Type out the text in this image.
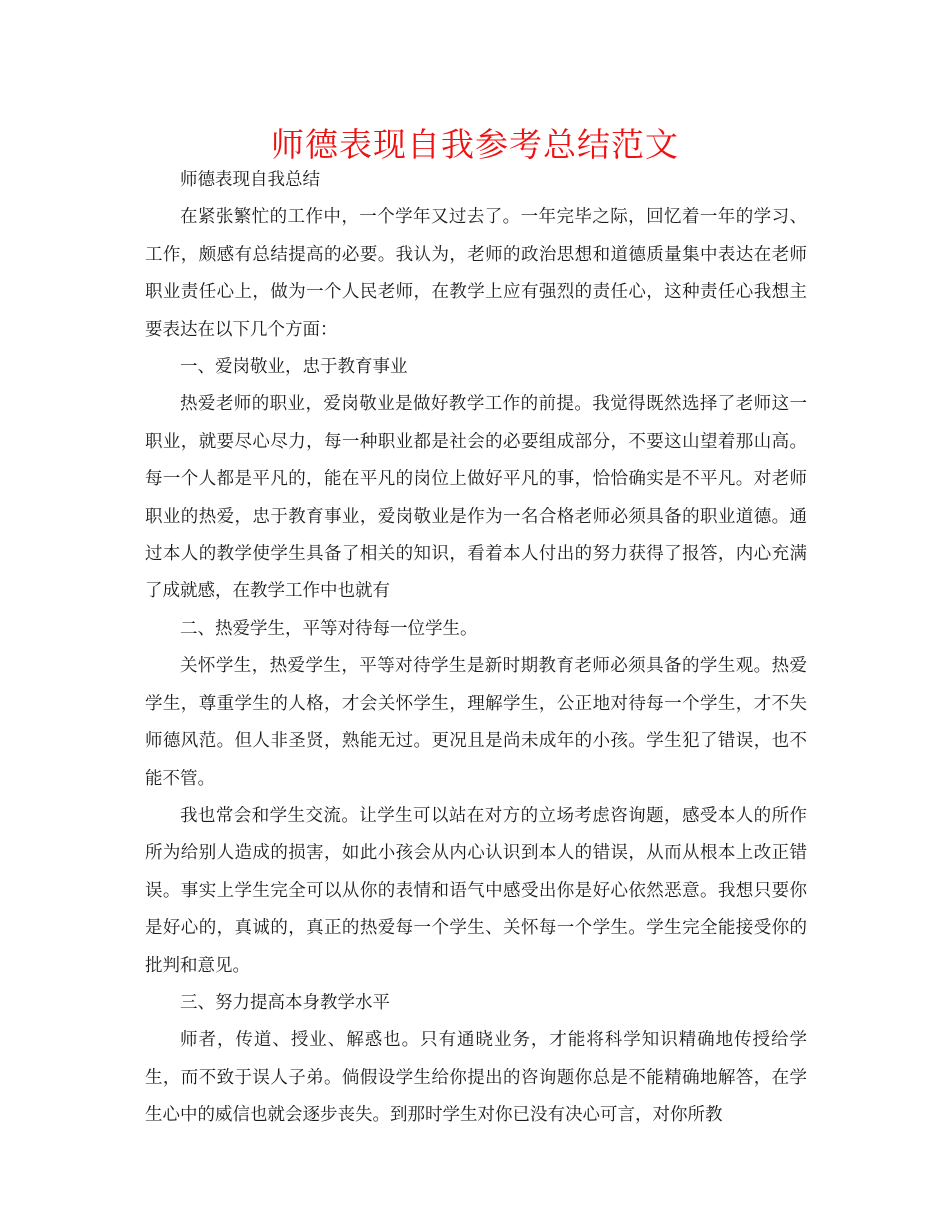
师德表现自我参考总结范文

师德表现自我总结

在紧张繁忙的工作中，一个学年又过去了。一年完毕之际，回忆着一年的学习、工作，颇感有总结提高的必要。我认为，老师的政治思想和道德质量集中表达在老师职业责任心上，做为一个人民老师，在教学上应有强烈的责任心，这种责任心我想主要表达在以下几个方面：

一、爱岗敬业，忠于教育事业

热爱老师的职业，爱岗敬业是做好教学工作的前提。我觉得既然选择了老师这一职业，就要尽心尽力，每一种职业都是社会的必要组成部分，不要这山望着那山高。每一个人都是平凡的，能在平凡的岗位上做好平凡的事，恰恰确实是不平凡。对老师职业的热爱，忠于教育事业，爱岗敬业是作为一名合格老师必须具备的职业道德。通过本人的教学使学生具备了相关的知识，看着本人付出的努力获得了报答，内心充满了成就感，在教学工作中也就有

二、热爱学生，平等对待每一位学生。

关怀学生，热爱学生，平等对待学生是新时期教育老师必须具备的学生观。热爱学生，尊重学生的人格，才会关怀学生，理解学生，公正地对待每一个学生，才不失师德风范。但人非圣贤，熟能无过。更况且是尚未成年的小孩。学生犯了错误，也不能不管。

我也常会和学生交流。让学生可以站在对方的立场考虑咨询题，感受本人的所作所为给别人造成的损害，如此小孩会从内心认识到本人的错误，从而从根本上改正错误。事实上学生完全可以从你的表情和语气中感受出你是好心依然恶意。我想只要你是好心的，真诚的，真正的热爱每一个学生、关怀每一个学生。学生完全能接受你的批判和意见。

三、努力提高本身教学水平

师者，传道、授业、解惑也。只有通晓业务，才能将科学知识精确地传授给学生，而不致于误人子弟。倘假设学生给你提出的咨询题你总是不能精确地解答，在学生心中的威信也就会逐步丧失。到那时学生对你已没有决心可言，对你所教
